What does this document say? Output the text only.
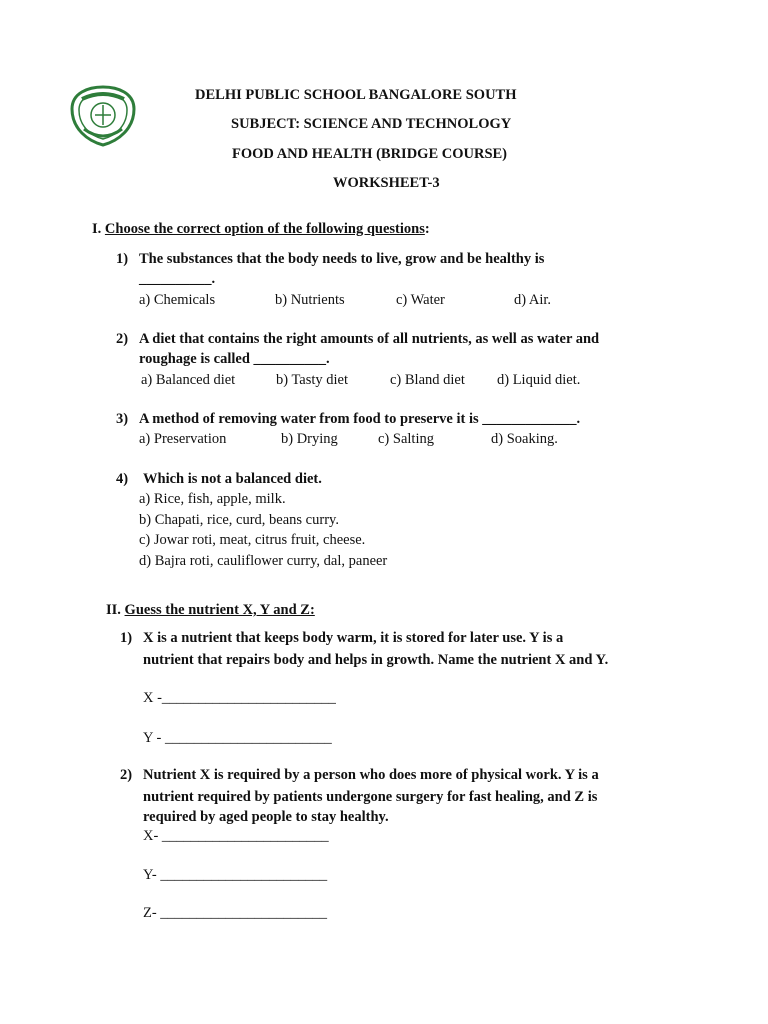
DELHI PUBLIC SCHOOL BANGALORE SOUTH
SUBJECT: SCIENCE AND TECHNOLOGY
FOOD AND HEALTH (BRIDGE COURSE)
WORKSHEET-3
I. Choose the correct option of the following questions:
1) The substances that the body needs to live, grow and be healthy is
__________.
a) Chemicals	b) Nutrients	c) Water	d) Air.
2) A diet that contains the right amounts of all nutrients, as well as water and
roughage is called __________.
a) Balanced diet	b) Tasty diet	c) Bland diet d) Liquid diet.
3) A method of removing water from food to preserve it is _____________.
a) Preservation	b) Drying	c) Salting	d) Soaking.
4) Which is not a balanced diet.
a) Rice, fish, apple, milk.
b) Chapati, rice, curd, beans curry.
c) Jowar roti, meat, citrus fruit, cheese.
d) Bajra roti, cauliflower curry, dal, paneer
II. Guess the nutrient X, Y and Z:
1) X is a nutrient that keeps body warm, it is stored for later use. Y is a
nutrient that repairs body and helps in growth. Name the nutrient X and Y.
X -________________________
Y - _______________________
2) Nutrient X is required by a person who does more of physical work. Y is a
nutrient required by patients undergone surgery for fast healing, and Z is
required by aged people to stay healthy.
X- _______________________
Y- _______________________
Z- _______________________
